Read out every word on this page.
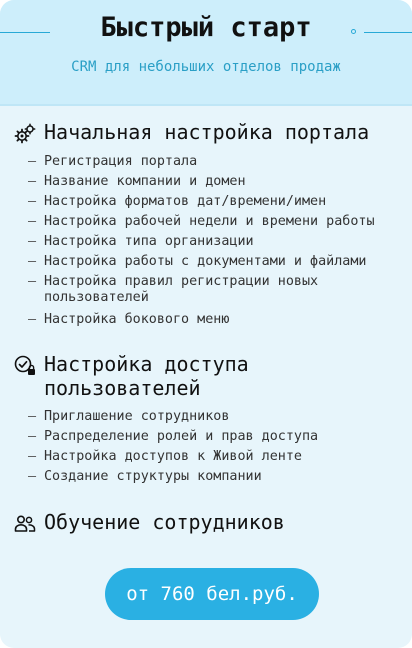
Быстрый старт
CRM для небольших отделов продаж
Начальная настройка портала
– Регистрация портала
– Название компании и домен
– Настройка форматов дат/времени/имен
– Настройка рабочей недели и времени работы
– Настройка типа организации
– Настройка работы с документами и файлами
– Настройка правил регистрации новых пользователей
– Настройка бокового меню
Настройка доступа пользователей
– Приглашение сотрудников
– Распределение ролей и прав доступа
– Настройка доступов к Живой ленте
– Создание структуры компании
Обучение сотрудников
от 760 бел.руб.
